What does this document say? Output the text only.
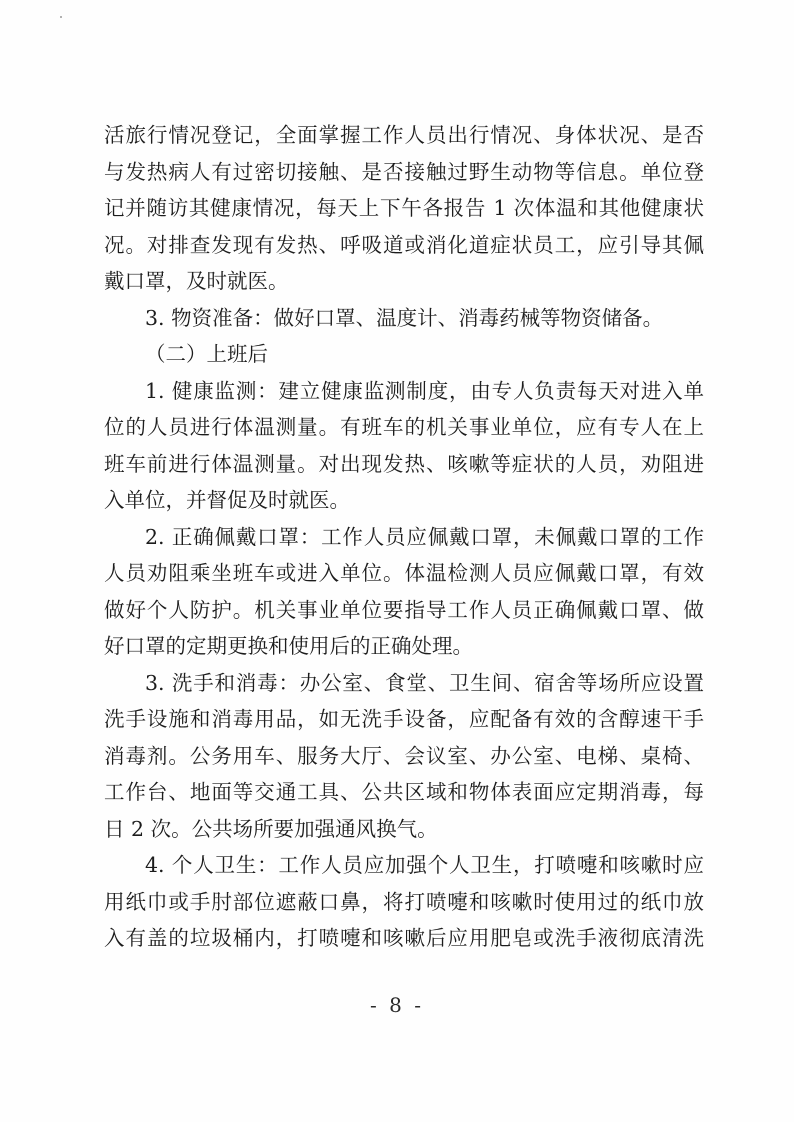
活旅行情况登记，全面掌握工作人员出行情况、身体状况、是否
与发热病人有过密切接触、是否接触过野生动物等信息。单位登
记并随访其健康情况，每天上下午各报告 1 次体温和其他健康状
况。对排查发现有发热、呼吸道或消化道症状员工，应引导其佩
戴口罩，及时就医。
3. 物资准备：做好口罩、温度计、消毒药械等物资储备。
（二）上班后
1. 健康监测：建立健康监测制度，由专人负责每天对进入单
位的人员进行体温测量。有班车的机关事业单位，应有专人在上
班车前进行体温测量。对出现发热、咳嗽等症状的人员，劝阻进
入单位，并督促及时就医。
2. 正确佩戴口罩：工作人员应佩戴口罩，未佩戴口罩的工作
人员劝阻乘坐班车或进入单位。体温检测人员应佩戴口罩，有效
做好个人防护。机关事业单位要指导工作人员正确佩戴口罩、做
好口罩的定期更换和使用后的正确处理。
3. 洗手和消毒：办公室、食堂、卫生间、宿舍等场所应设置
洗手设施和消毒用品，如无洗手设备，应配备有效的含醇速干手
消毒剂。公务用车、服务大厅、会议室、办公室、电梯、桌椅、
工作台、地面等交通工具、公共区域和物体表面应定期消毒，每
日 2 次。公共场所要加强通风换气。
4. 个人卫生：工作人员应加强个人卫生，打喷嚏和咳嗽时应
用纸巾或手肘部位遮蔽口鼻，将打喷嚏和咳嗽时使用过的纸巾放
入有盖的垃圾桶内，打喷嚏和咳嗽后应用肥皂或洗手液彻底清洗
- 8 -
